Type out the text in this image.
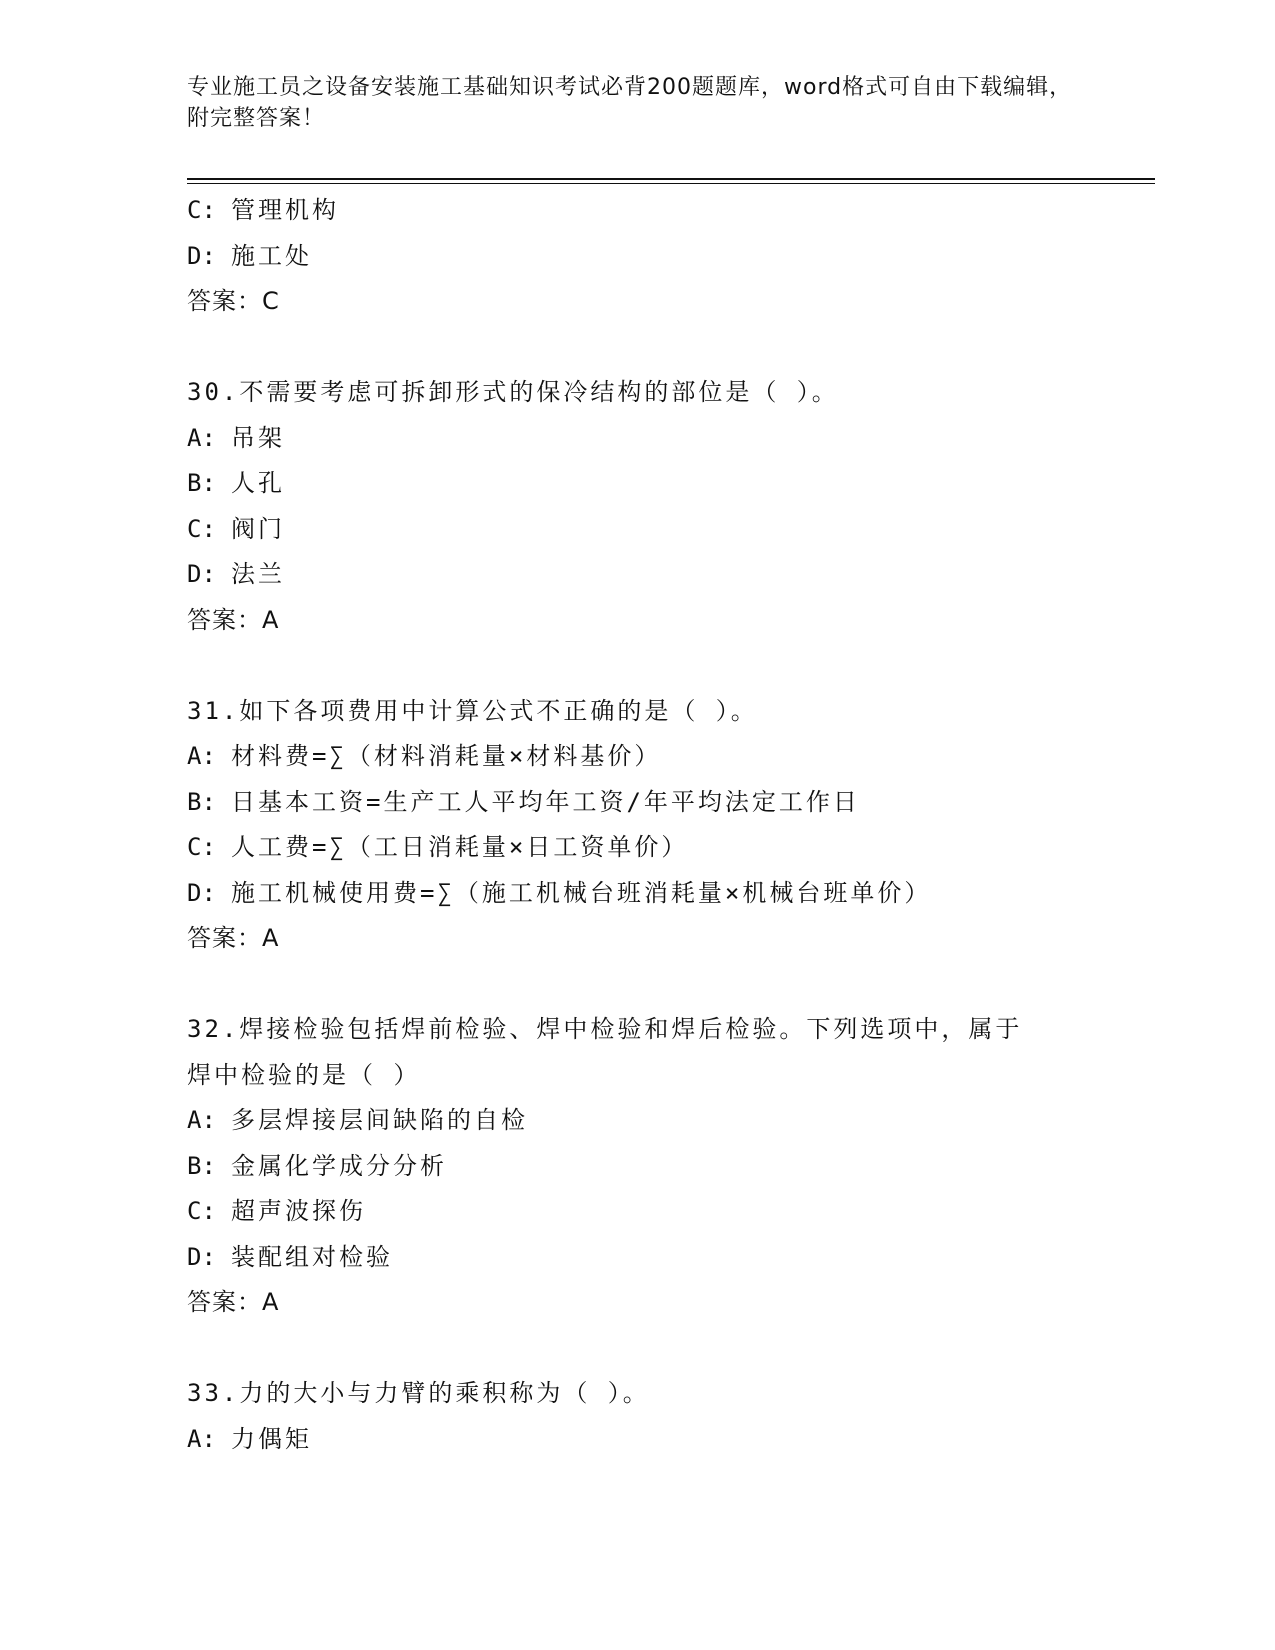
专业施工员之设备安装施工基础知识考试必背200题题库，word格式可自由下载编辑，附完整答案！
C: 管理机构
D: 施工处
答案：C
30.不需要考虑可拆卸形式的保冷结构的部位是（ ）。
A: 吊架
B: 人孔
C: 阀门
D: 法兰
答案：A
31.如下各项费用中计算公式不正确的是（ ）。
A: 材料费=∑（材料消耗量×材料基价）
B: 日基本工资=生产工人平均年工资/年平均法定工作日
C: 人工费=∑（工日消耗量×日工资单价）
D: 施工机械使用费=∑（施工机械台班消耗量×机械台班单价）
答案：A
32.焊接检验包括焊前检验、焊中检验和焊后检验。下列选项中，属于焊中检验的是（ ）
A: 多层焊接层间缺陷的自检
B: 金属化学成分分析
C: 超声波探伤
D: 装配组对检验
答案：A
33.力的大小与力臂的乘积称为（ ）。
A: 力偶矩
